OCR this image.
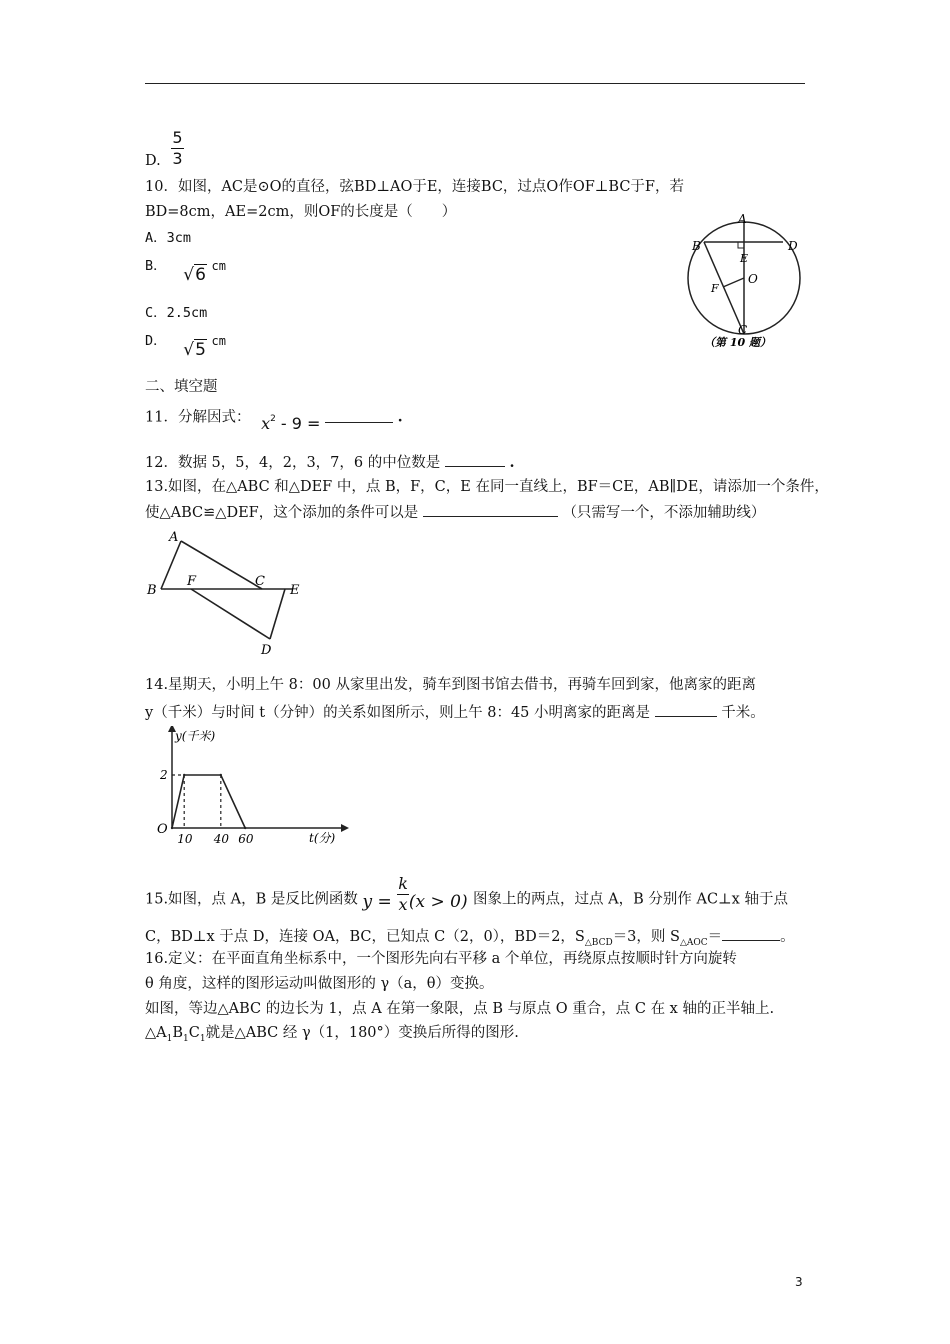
D. $\frac{5}{3}$
10．如图，AC是⊙O的直径，弦BD⊥AO于E，连接BC，过点O作OF⊥BC于F，若
BD=8cm，AE=2cm，则OF的长度是（　　）
A．3cm
B． √6 cm
C．2.5cm
D． √5 cm
A
B	D
E
O
F
C
（第 10 题）
二、填空题
11．分解因式： $x^2 - 9$ =	.
12．数据 5，5，4，2，3，7，6 的中位数是	.
13.如图，在△ABC 和△DEF 中，点 B，F，C，E 在同一直线上，BF＝CE，AB∥DE，请添加一个条件，
使△ABC≌△DEF，这个添加的条件可以是	（只需写一个，不添加辅助线）
A
B
F	C
E
D
14.星期天，小明上午 8：00 从家里出发，骑车到图书馆去借书，再骑车回到家，他离家的距离
y（千米）与时间 t（分钟）的关系如图所示，则上午 8：45 小明离家的距离是	千米。
y(千米)
t(分)
O
10 40 60
2
15.如图，点 A，B 是反比例函数 $y = \frac{k}{x} (x > 0)$ 图象上的两点，过点 A，B 分别作 AC⊥x 轴于点
C，BD⊥x 于点 D，连接 OA，BC，已知点 C（2，0），BD＝2，$S_{\triangle BCD}=3$，则 $S_{\triangle AOC}=$	。
16.定义：在平面直角坐标系中，一个图形先向右平移 a 个单位，再绕原点按顺时针方向旋转
θ 角度，这样的图形运动叫做图形的 γ（a，θ）变换。
如图，等边△ABC 的边长为 1，点 A 在第一象限，点 B 与原点 O 重合，点 C 在 x 轴的正半轴上.
$\triangle A_1B_1C_1$就是△ABC 经 γ（1，180°）变换后所得的图形.
3
